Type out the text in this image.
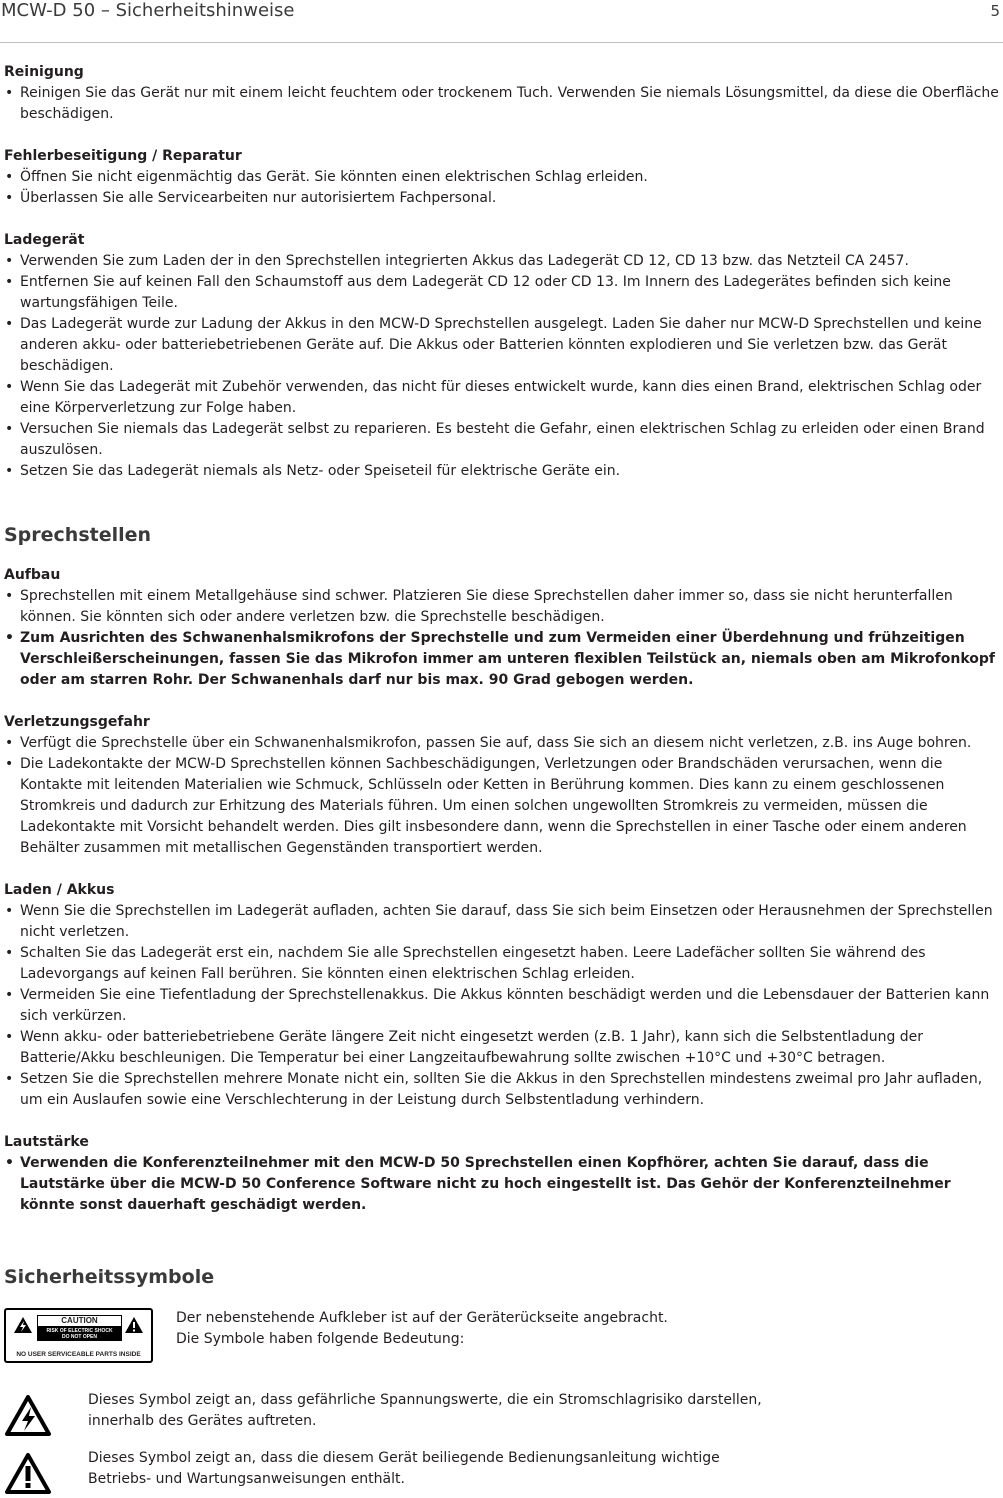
MCW-D 50 – Sicherheitshinweise	5
Reinigung
• Reinigen Sie das Gerät nur mit einem leicht feuchtem oder trockenem Tuch. Verwenden Sie niemals Lösungsmittel, da diese die Oberfläche beschädigen.
Fehlerbeseitigung / Reparatur
• Öffnen Sie nicht eigenmächtig das Gerät. Sie könnten einen elektrischen Schlag erleiden.
• Überlassen Sie alle Servicearbeiten nur autorisiertem Fachpersonal.
Ladegerät
• Verwenden Sie zum Laden der in den Sprechstellen integrierten Akkus das Ladegerät CD 12, CD 13 bzw. das Netzteil CA 2457.
• Entfernen Sie auf keinen Fall den Schaumstoff aus dem Ladegerät CD 12 oder CD 13. Im Innern des Ladegerätes befinden sich keine wartungsfähigen Teile.
• Das Ladegerät wurde zur Ladung der Akkus in den MCW-D Sprechstellen ausgelegt. Laden Sie daher nur MCW-D Sprechstellen und keine anderen akku- oder batteriebetriebenen Geräte auf. Die Akkus oder Batterien könnten explodieren und Sie verletzen bzw. das Gerät beschädigen.
• Wenn Sie das Ladegerät mit Zubehör verwenden, das nicht für dieses entwickelt wurde, kann dies einen Brand, elektrischen Schlag oder eine Körperverletzung zur Folge haben.
• Versuchen Sie niemals das Ladegerät selbst zu reparieren. Es besteht die Gefahr, einen elektrischen Schlag zu erleiden oder einen Brand auszulösen.
• Setzen Sie das Ladegerät niemals als Netz- oder Speiseteil für elektrische Geräte ein.
Sprechstellen
Aufbau
• Sprechstellen mit einem Metallgehäuse sind schwer. Platzieren Sie diese Sprechstellen daher immer so, dass sie nicht herunterfallen können. Sie könnten sich oder andere verletzen bzw. die Sprechstelle beschädigen.
• Zum Ausrichten des Schwanenhalsmikrofons der Sprechstelle und zum Vermeiden einer Überdehnung und frühzeitigen Verschleißerscheinungen, fassen Sie das Mikrofon immer am unteren flexiblen Teilstück an, niemals oben am Mikrofonkopf oder am starren Rohr. Der Schwanenhals darf nur bis max. 90 Grad gebogen werden.
Verletzungsgefahr
• Verfügt die Sprechstelle über ein Schwanenhalsmikrofon, passen Sie auf, dass Sie sich an diesem nicht verletzen, z.B. ins Auge bohren.
• Die Ladekontakte der MCW-D Sprechstellen können Sachbeschädigungen, Verletzungen oder Brandschäden verursachen, wenn die Kontakte mit leitenden Materialien wie Schmuck, Schlüsseln oder Ketten in Berührung kommen. Dies kann zu einem geschlossenen Stromkreis und dadurch zur Erhitzung des Materials führen. Um einen solchen ungewollten Stromkreis zu vermeiden, müssen die Ladekontakte mit Vorsicht behandelt werden. Dies gilt insbesondere dann, wenn die Sprechstellen in einer Tasche oder einem anderen Behälter zusammen mit metallischen Gegenständen transportiert werden.
Laden / Akkus
• Wenn Sie die Sprechstellen im Ladegerät aufladen, achten Sie darauf, dass Sie sich beim Einsetzen oder Herausnehmen der Sprechstellen nicht verletzen.
• Schalten Sie das Ladegerät erst ein, nachdem Sie alle Sprechstellen eingesetzt haben. Leere Ladefächer sollten Sie während des Ladevorgangs auf keinen Fall berühren. Sie könnten einen elektrischen Schlag erleiden.
• Vermeiden Sie eine Tiefentladung der Sprechstellenakkus. Die Akkus könnten beschädigt werden und die Lebensdauer der Batterien kann sich verkürzen.
• Wenn akku- oder batteriebetriebene Geräte längere Zeit nicht eingesetzt werden (z.B. 1 Jahr), kann sich die Selbstentladung der Batterie/Akku beschleunigen. Die Temperatur bei einer Langzeitaufbewahrung sollte zwischen +10°C und +30°C betragen.
• Setzen Sie die Sprechstellen mehrere Monate nicht ein, sollten Sie die Akkus in den Sprechstellen mindestens zweimal pro Jahr aufladen, um ein Auslaufen sowie eine Verschlechterung in der Leistung durch Selbstentladung verhindern.
Lautstärke
• Verwenden die Konferenzteilnehmer mit den MCW-D 50 Sprechstellen einen Kopfhörer, achten Sie darauf, dass die Lautstärke über die MCW-D 50 Conference Software nicht zu hoch eingestellt ist. Das Gehör der Konferenzteilnehmer könnte sonst dauerhaft geschädigt werden.
Sicherheitssymbole
CAUTION
RISK OF ELECTRIC SHOCK
DO NOT OPEN
NO USER SERVICEABLE PARTS INSIDE
Der nebenstehende Aufkleber ist auf der Geräterückseite angebracht.
Die Symbole haben folgende Bedeutung:
Dieses Symbol zeigt an, dass gefährliche Spannungswerte, die ein Stromschlagrisiko darstellen,
innerhalb des Gerätes auftreten.
Dieses Symbol zeigt an, dass die diesem Gerät beiliegende Bedienungsanleitung wichtige
Betriebs- und Wartungsanweisungen enthält.
